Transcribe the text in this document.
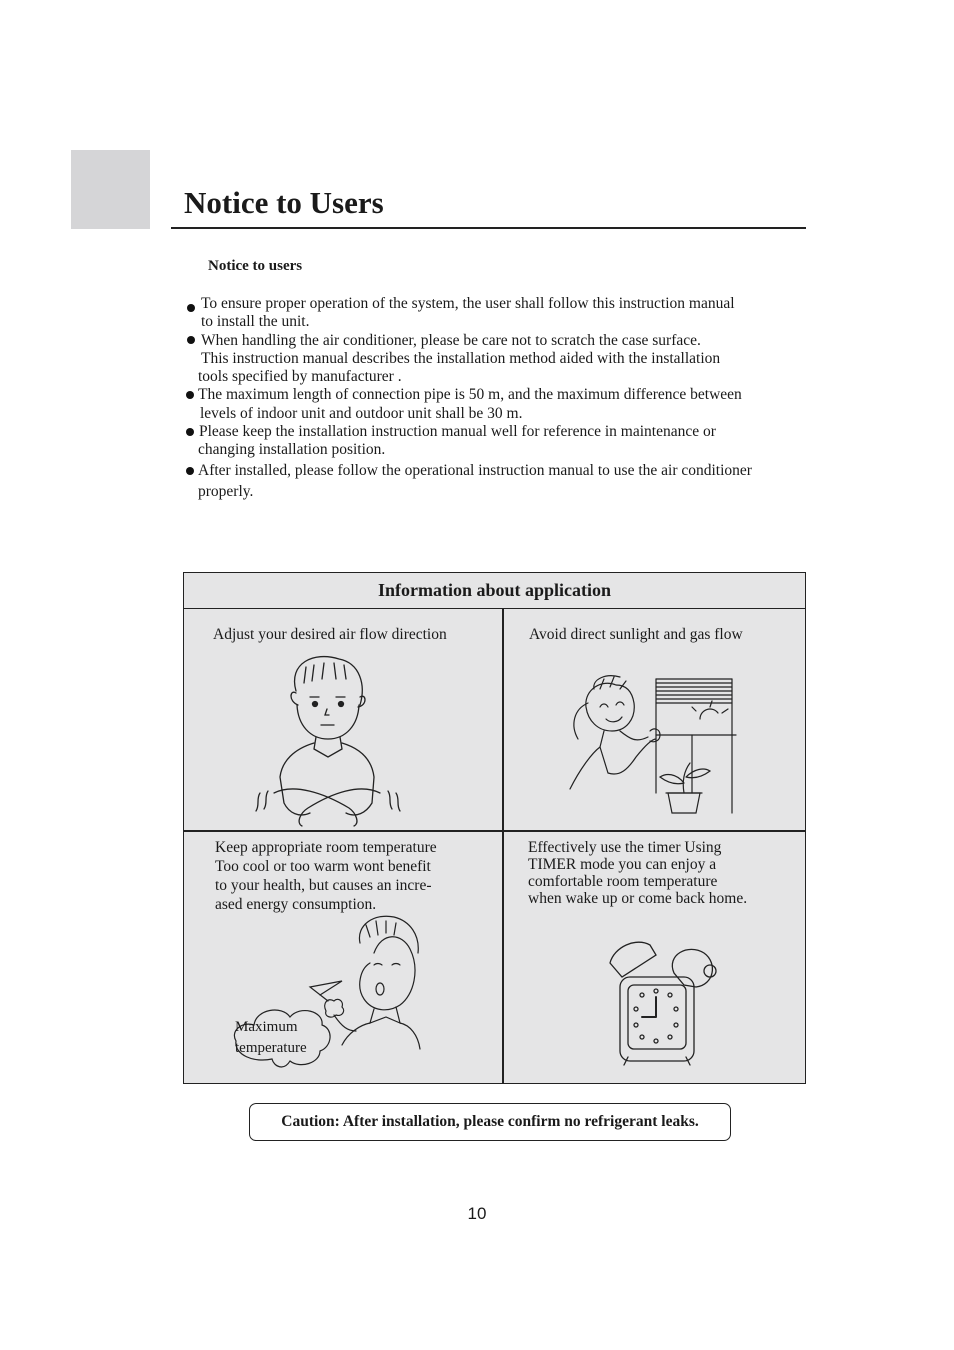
Notice to Users
Notice to users
To ensure proper operation of the system, the user shall follow this instruction manual
to install the unit.
When handling the air conditioner, please be care not to scratch the case surface.
This instruction manual describes the installation method aided with the installation
tools specified by manufacturer .
The maximum length of connection pipe is 50 m, and the maximum difference between
levels of indoor unit and outdoor unit shall be 30 m.
Please keep the installation instruction manual well for reference in maintenance or
changing installation position.
After installed, please follow the operational instruction manual to use the air conditioner
properly.
Information about application
Adjust your desired air flow direction	Avoid direct sunlight and gas flow
Keep appropriate room temperature
Too cool or too warm wont benefit
to your health, but causes an incre-
ased energy consumption.
Maximum
temperature
Effectively use the timer Using
TIMER mode you can enjoy a
comfortable room temperature
when wake up or come back home.
Caution: After installation, please confirm no refrigerant leaks.
10
